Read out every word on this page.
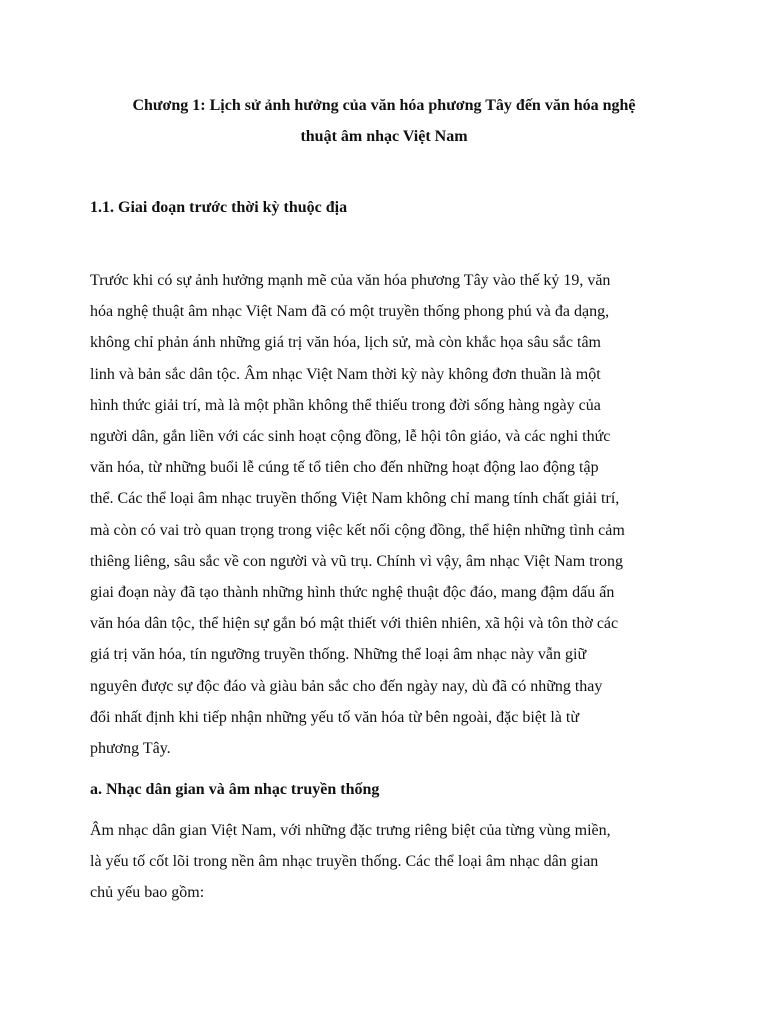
Chương 1: Lịch sử ảnh hưởng của văn hóa phương Tây đến văn hóa nghệ
thuật âm nhạc Việt Nam
1.1. Giai đoạn trước thời kỳ thuộc địa

Trước khi có sự ảnh hưởng mạnh mẽ của văn hóa phương Tây vào thế kỷ 19, văn
hóa nghệ thuật âm nhạc Việt Nam đã có một truyền thống phong phú và đa dạng,
không chỉ phản ánh những giá trị văn hóa, lịch sử, mà còn khắc họa sâu sắc tâm
linh và bản sắc dân tộc. Âm nhạc Việt Nam thời kỳ này không đơn thuần là một
hình thức giải trí, mà là một phần không thể thiếu trong đời sống hàng ngày của
người dân, gắn liền với các sinh hoạt cộng đồng, lễ hội tôn giáo, và các nghi thức
văn hóa, từ những buổi lễ cúng tế tổ tiên cho đến những hoạt động lao động tập
thể. Các thể loại âm nhạc truyền thống Việt Nam không chỉ mang tính chất giải trí,
mà còn có vai trò quan trọng trong việc kết nối cộng đồng, thể hiện những tình cảm
thiêng liêng, sâu sắc về con người và vũ trụ. Chính vì vậy, âm nhạc Việt Nam trong
giai đoạn này đã tạo thành những hình thức nghệ thuật độc đáo, mang đậm dấu ấn
văn hóa dân tộc, thể hiện sự gắn bó mật thiết với thiên nhiên, xã hội và tôn thờ các
giá trị văn hóa, tín ngưỡng truyền thống. Những thể loại âm nhạc này vẫn giữ
nguyên được sự độc đáo và giàu bản sắc cho đến ngày nay, dù đã có những thay
đổi nhất định khi tiếp nhận những yếu tố văn hóa từ bên ngoài, đặc biệt là từ
phương Tây.

a. Nhạc dân gian và âm nhạc truyền thống

Âm nhạc dân gian Việt Nam, với những đặc trưng riêng biệt của từng vùng miền,
là yếu tố cốt lõi trong nền âm nhạc truyền thống. Các thể loại âm nhạc dân gian
chủ yếu bao gồm:
